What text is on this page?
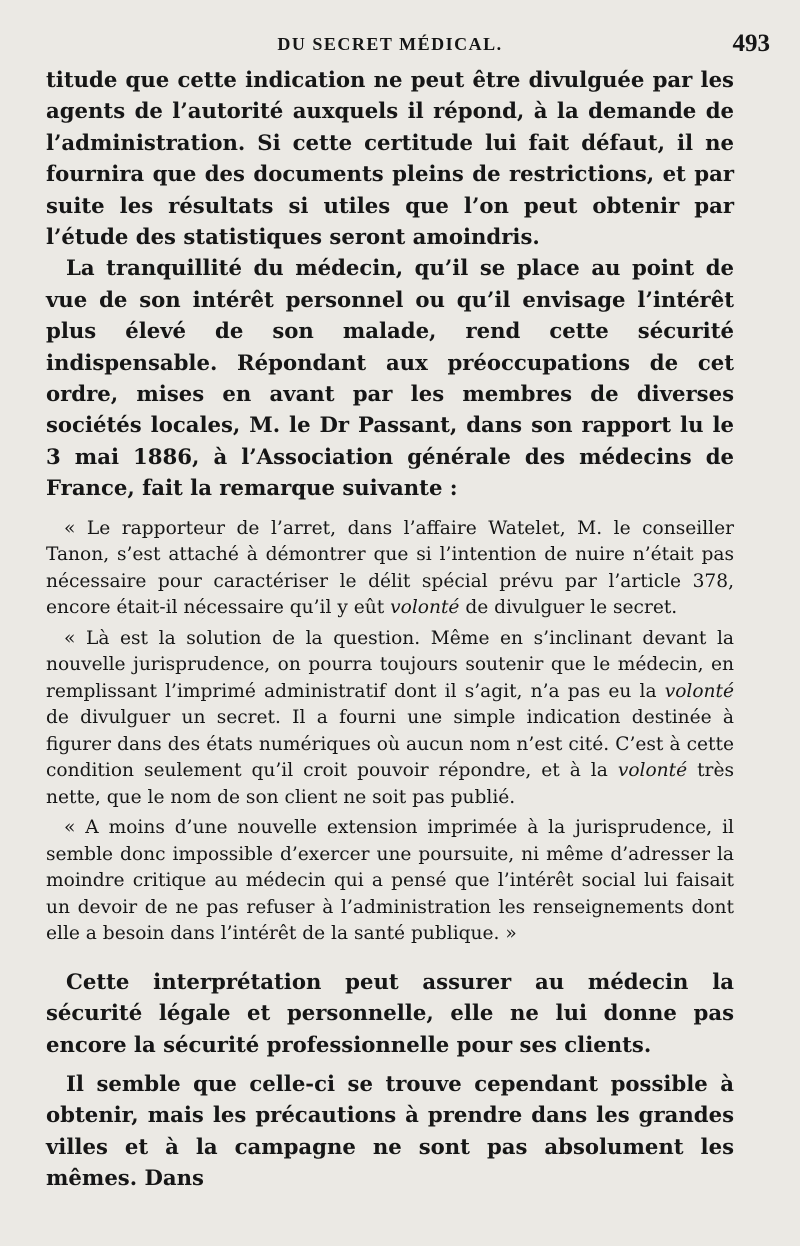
DU SECRET MÉDICAL.	493

titude que cette indication ne peut être divulguée par les agents de l’autorité auxquels il répond, à la demande de l’administration. Si cette certitude lui fait défaut, il ne fournira que des documents pleins de restrictions, et par suite les résultats si utiles que l’on peut obtenir par l’étude des statistiques seront amoindris.

La tranquillité du médecin, qu’il se place au point de vue de son intérêt personnel ou qu’il envisage l’intérêt plus élevé de son malade, rend cette sécurité indispensable. Répondant aux préoccupations de cet ordre, mises en avant par les membres de diverses sociétés locales, M. le Dr Passant, dans son rapport lu le 3 mai 1886, à l’Association générale des médecins de France, fait la remarque suivante :

« Le rapporteur de l’arret, dans l’affaire Watelet, M. le conseiller Tanon, s’est attaché à démontrer que si l’intention de nuire n’était pas nécessaire pour caractériser le délit spécial prévu par l’article 378, encore était-il nécessaire qu’il y eût volonté de divulguer le secret.

« Là est la solution de la question. Même en s’inclinant devant la nouvelle jurisprudence, on pourra toujours soutenir que le médecin, en remplissant l’imprimé administratif dont il s’agit, n’a pas eu la volonté de divulguer un secret. Il a fourni une simple indication destinée à figurer dans des états numériques où aucun nom n’est cité. C’est à cette condition seulement qu’il croit pouvoir répondre, et à la volonté très nette, que le nom de son client ne soit pas publié.

« A moins d’une nouvelle extension imprimée à la jurisprudence, il semble donc impossible d’exercer une poursuite, ni même d’adresser la moindre critique au médecin qui a pensé que l’intérêt social lui faisait un devoir de ne pas refuser à l’administration les renseignements dont elle a besoin dans l’intérêt de la santé publique. »

Cette interprétation peut assurer au médecin la sécurité légale et personnelle, elle ne lui donne pas encore la sécurité professionnelle pour ses clients.

Il semble que celle-ci se trouve cependant possible à obtenir, mais les précautions à prendre dans les grandes villes et à la campagne ne sont pas absolument les mêmes. Dans
